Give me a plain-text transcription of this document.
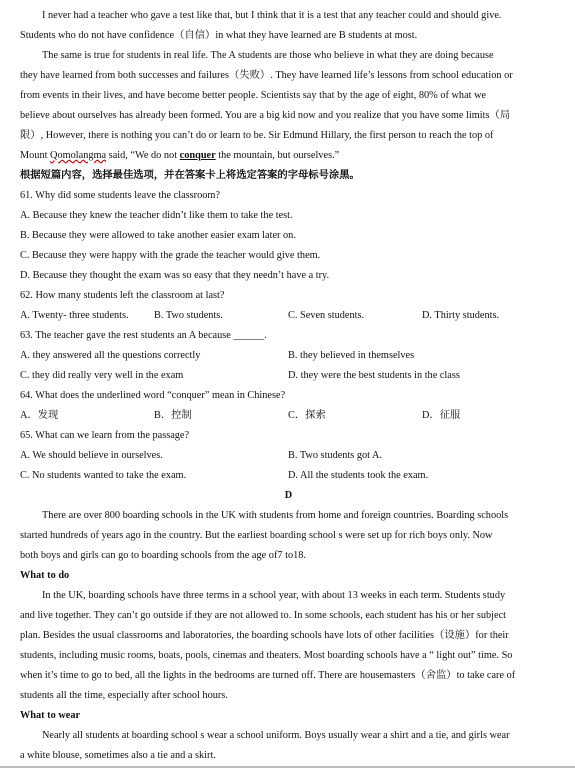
I never had a teacher who gave a test like that, but I think that it is a test that any teacher could and should give.
Students who do not have confidence（自信）in what they have learned are B students at most.
The same is true for students in real life. The A students are those who believe in what they are doing because
they have learned from both successes and failures（失败）. They have learned life’s lessons from school education or
from events in their lives, and have become better people. Scientists say that by the age of eight, 80% of what we
believe about ourselves has already been formed. You are a big kid now and you realize that you have some limits（局
限）, However, there is nothing you can’t do or learn to be. Sir Edmund Hillary, the first person to reach the top of
Mount Qomolangma said, “We do not conquer the mountain, but ourselves.”
根据短篇内容，选择最佳选项，并在答案卡上将选定答案的字母标号涂黑。
61. Why did some students leave the classroom?
A. Because they knew the teacher didn’t like them to take the test.
B. Because they were allowed to take another easier exam later on.
C. Because they were happy with the grade the teacher would give them.
D. Because they thought the exam was so easy that they needn’t have a try.
62. How many students left the classroom at last?
A. Twenty- three students.	B. Two students.	C. Seven students.	D. Thirty students.
63. The teacher gave the rest students an A because ______.
A. they answered all the questions correctly	B. they believed in themselves
C. they did really very well in the exam	D. they were the best students in the class
64. What does the underlined word “conquer” mean in Chinese?
A．发现	B．控制	C．探索	D．征服
65. What can we learn from the passage?
A. We should believe in ourselves.	B. Two students got A.
C. No students wanted to take the exam.	D. All the students took the exam.
D
There are over 800 boarding schools in the UK with students from home and foreign countries. Boarding schools
started hundreds of years ago in the country. But the earliest boarding school s were set up for rich boys only. Now
both boys and girls can go to boarding schools from the age of7 to18.
What to do
In the UK, boarding schools have three terms in a school year, with about 13 weeks in each term. Students study
and live together. They can’t go outside if they are not allowed to. In some schools, each student has his or her subject
plan. Besides the usual classrooms and laboratories, the boarding schools have lots of other facilities（设施）for their
students, including music rooms, boats, pools, cinemas and theaters. Most boarding schools have a “ light out” time. So
when it’s time to go to bed, all the lights in the bedrooms are turned off. There are housemasters（舍监）to take care of
students all the time, especially after school hours.
What to wear
Nearly all students at boarding school s wear a school uniform. Boys usually wear a shirt and a tie, and girls wear
a white blouse, sometimes also a tie and a skirt.
